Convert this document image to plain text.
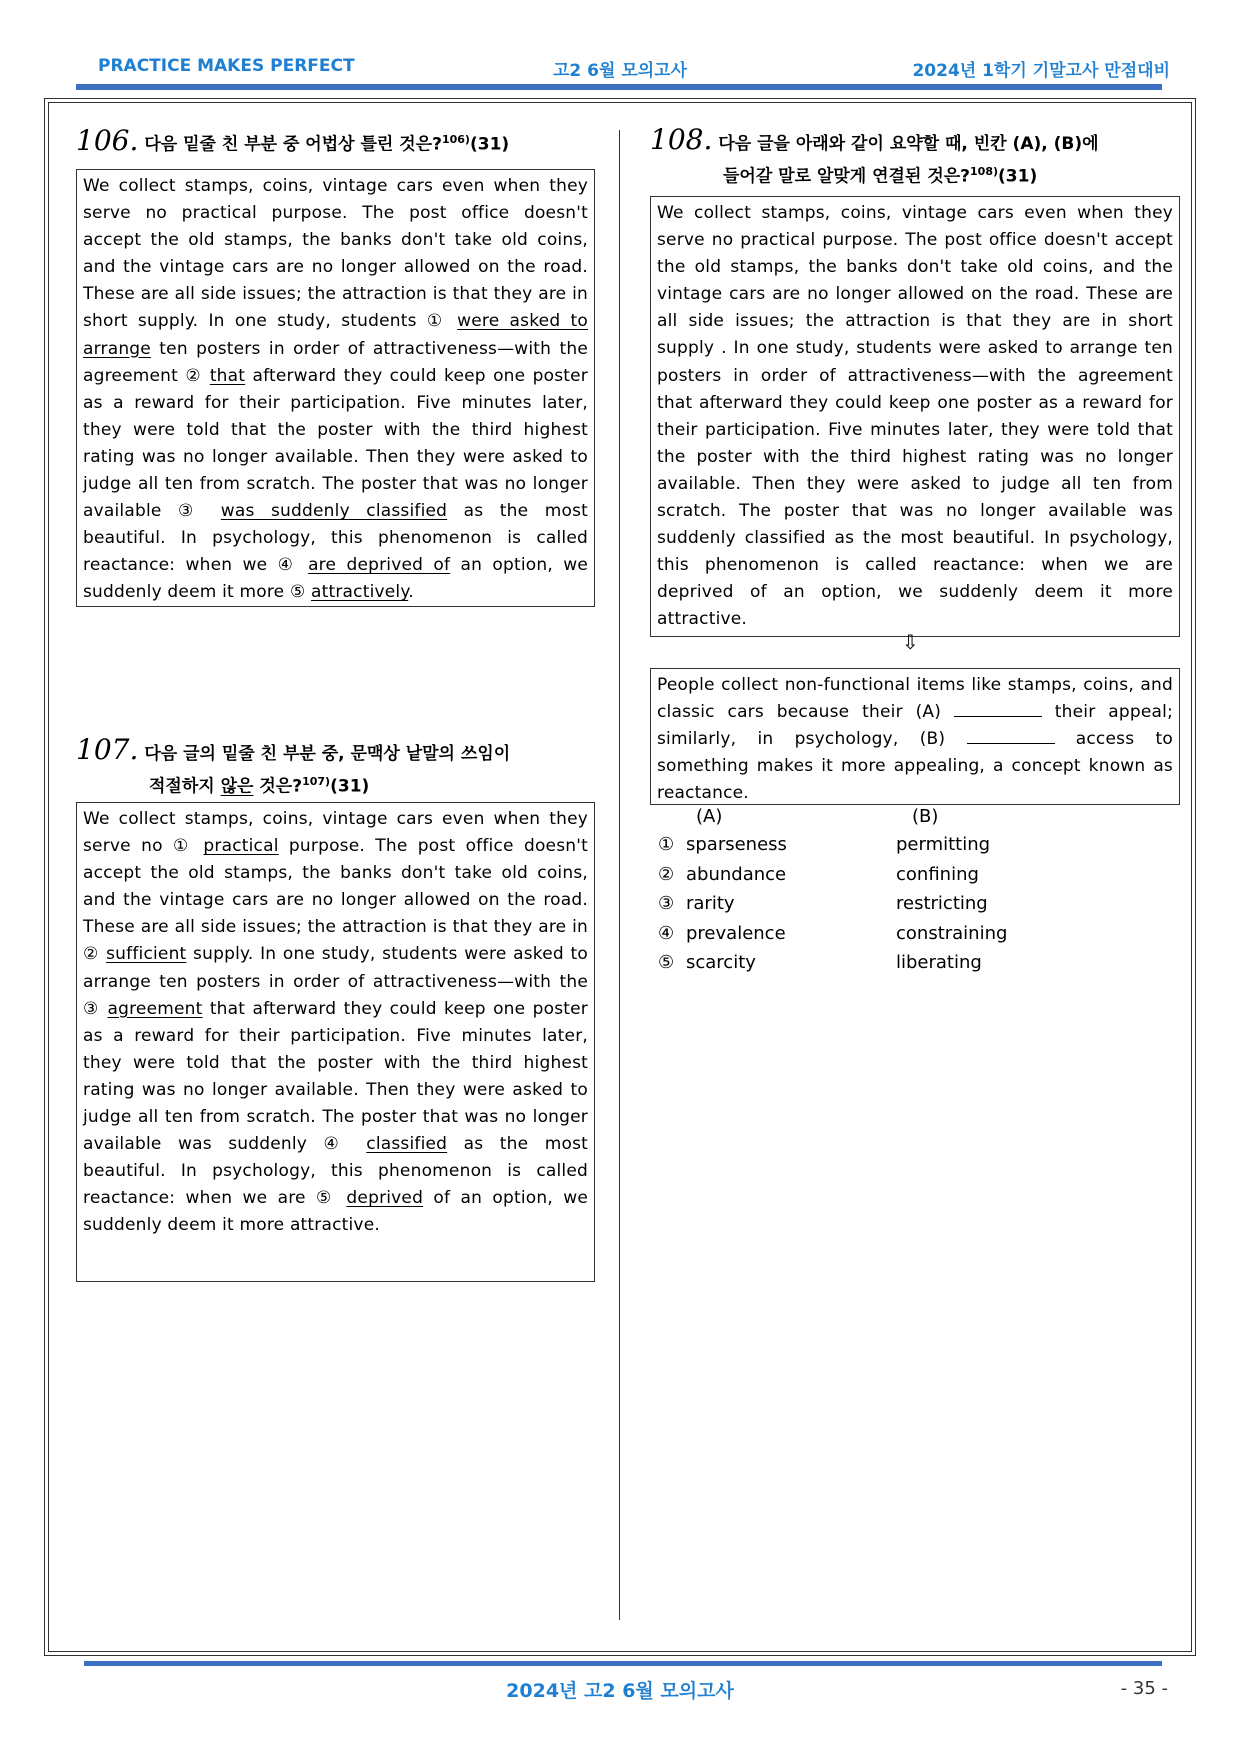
PRACTICE MAKES PERFECT	고2 6월 모의고사	2024년 1학기 기말고사 만점대비
106. 다음 밑줄 친 부분 중 어법상 틀린 것은?$^{106)}$(31)

We collect stamps, coins, vintage cars even when they serve no practical purpose. The post office doesn't accept the old stamps, the banks don't take old coins, and the vintage cars are no longer allowed on the road. These are all side issues; the attraction is that they are in short supply. In one study, students ① were asked to arrange ten posters in order of attractiveness—with the agreement ② that afterward they could keep one poster as a reward for their participation. Five minutes later, they were told that the poster with the third highest rating was no longer available. Then they were asked to judge all ten from scratch. The poster that was no longer available ③ was suddenly classified as the most beautiful. In psychology, this phenomenon is called reactance: when we ④ are deprived of an option, we suddenly deem it more ⑤ attractively.

107. 다음 글의 밑줄 친 부분 중, 문맥상 낱말의 쓰임이
적절하지 않은 것은?$^{107)}$(31)

We collect stamps, coins, vintage cars even when they serve no ① practical purpose. The post office doesn't accept the old stamps, the banks don't take old coins, and the vintage cars are no longer allowed on the road. These are all side issues; the attraction is that they are in ② sufficient supply. In one study, students were asked to arrange ten posters in order of attractiveness—with the ③ agreement that afterward they could keep one poster as a reward for their participation. Five minutes later, they were told that the poster with the third highest rating was no longer available. Then they were asked to judge all ten from scratch. The poster that was no longer available was suddenly ④ classified as the most beautiful. In psychology, this phenomenon is called reactance: when we are ⑤ deprived of an option, we suddenly deem it more attractive.

108. 다음 글을 아래와 같이 요약할 때, 빈칸 (A), (B)에
들어갈 말로 알맞게 연결된 것은?$^{108)}$(31)

We collect stamps, coins, vintage cars even when they serve no practical purpose. The post office doesn't accept the old stamps, the banks don't take old coins, and the vintage cars are no longer allowed on the road. These are all side issues; the attraction is that they are in short supply . In one study, students were asked to arrange ten posters in order of attractiveness—with the agreement that afterward they could keep one poster as a reward for their participation. Five minutes later, they were told that the poster with the third highest rating was no longer available. Then they were asked to judge all ten from scratch. The poster that was no longer available was suddenly classified as the most beautiful. In psychology, this phenomenon is called reactance: when we are deprived of an option, we suddenly deem it more attractive.

⇩

People collect non-functional items like stamps, coins, and classic cars because their (A)	their appeal; similarly, in psychology, (B)	access to something makes it more appealing, a concept known as reactance.

(A)	(B)
① sparseness	permitting
② abundance	confining
③ rarity	restricting
④ prevalence	constraining
⑤ scarcity	liberating
2024년 고2 6월 모의고사	- 35 -
